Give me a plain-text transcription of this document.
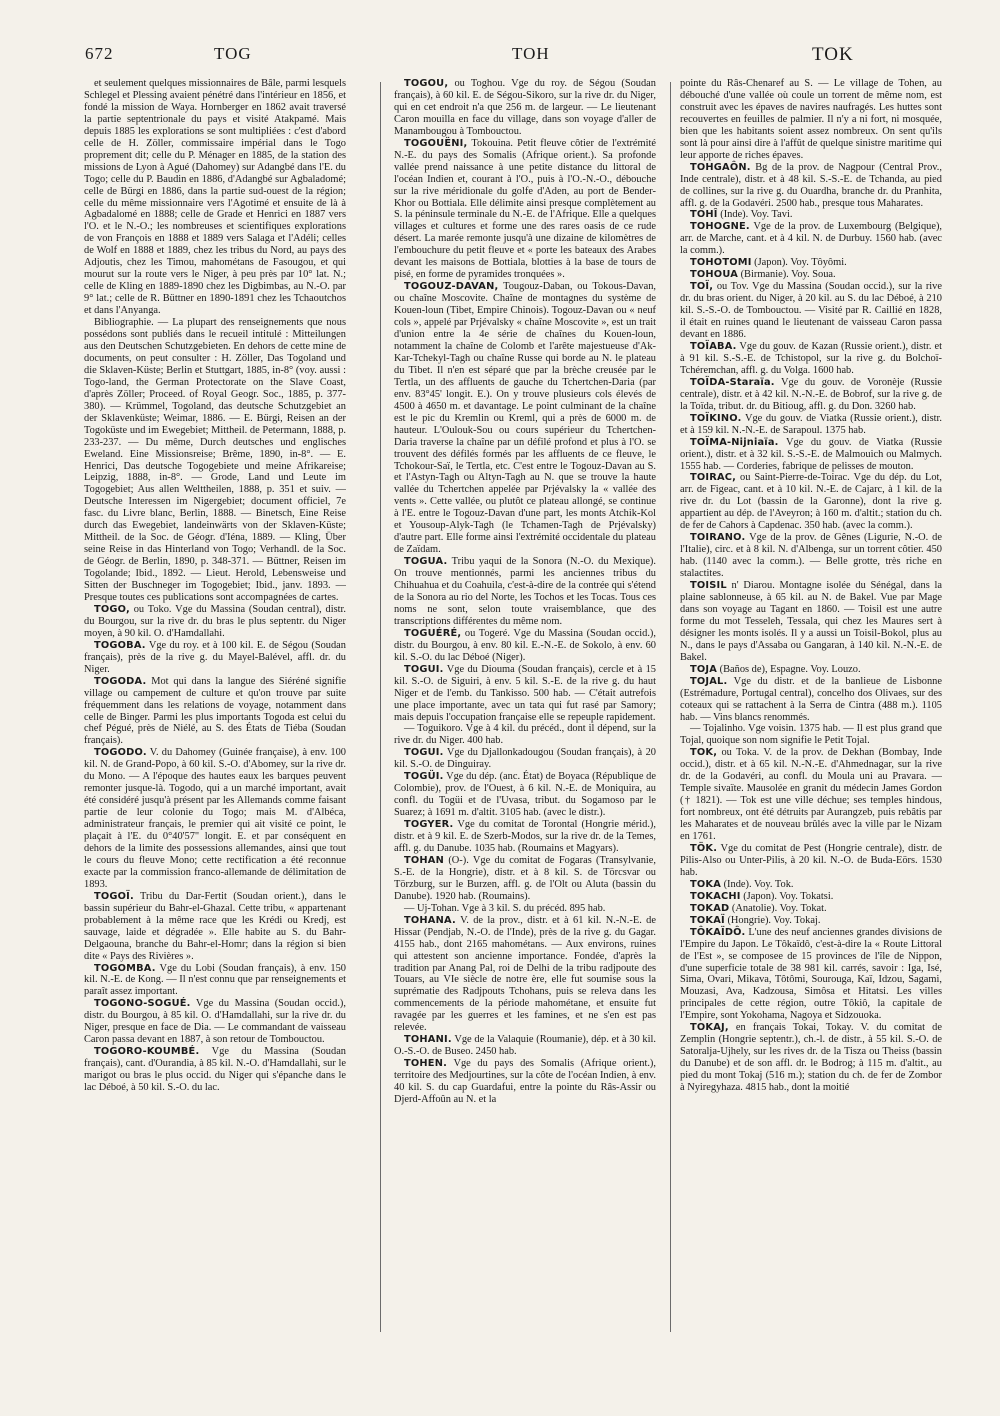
672	TOG	TOH	TOK

et seulement quelques missionnaires de Bâle, parmi lesquels Schlegel et Plessing avaient pénétré dans l'intérieur en 1856, et fondé la mission de Waya. Hornberger en 1862 avait traversé la partie septentrionale du pays et visité Atakpamé. Mais depuis 1885 les explorations se sont multipliées : c'est d'abord celle de H. Zöller, commissaire impérial dans le Togo proprement dit; celle du P. Ménager en 1885, de la station des missions de Lyon à Agué (Dahomey) sur Adangbé dans l'E. du Togo; celle du P. Baudin en 1886, d'Adangbé sur Agbaladomé; celle de Bürgi en 1886, dans la partie sud-ouest de la région; celle du même missionnaire vers l'Agotimé et ensuite de là à Agbadalomé en 1888; celle de Grade et Henrici en 1887 vers l'O. et le N.-O.; les nombreuses et scientifiques explorations de von François en 1888 et 1889 vers Salaga et l'Adéli; celles de Wolf en 1888 et 1889, chez les tribus du Nord, au pays des Adjoutis, chez les Timou, mahométans de Fasougou, et qui mourut sur la route vers le Niger, à peu près par 10° lat. N.; celle de Kling en 1889-1890 chez les Digbimbas, au N.-O. par 9° lat.; celle de R. Büttner en 1890-1891 chez les Tchaoutchos et dans l'Anyanga.

Bibliographie. — La plupart des renseignements que nous possédons sont publiés dans le recueil intitulé : Mitteilungen aus den Deutschen Schutzgebieten. En dehors de cette mine de documents, on peut consulter : H. Zöller, Das Togoland und die Sklaven-Küste; Berlin et Stuttgart, 1885, in-8° (voy. aussi : Togo-land, the German Protectorate on the Slave Coast, d'après Zöller; Proceed. of Royal Geogr. Soc., 1885, p. 377-380). — Krümmel, Togoland, das deutsche Schutzgebiet an der Sklavenküste; Weimar, 1886. — E. Bürgi, Reisen an der Togoküste und im Ewegebiet; Mittheil. de Petermann, 1888, p. 233-237. — Du même, Durch deutsches und englisches Eweland. Eine Missionsreise; Brême, 1890, in-8°. — E. Henrici, Das deutsche Togogebiete und meine Afrikareise; Leipzig, 1888, in-8°. — Grode, Land und Leute im Togogebiet; Aus allen Welttheilen, 1888, p. 351 et suiv. — Deutsche Interessen im Nigergebiet; document officiel, 7e fasc. du Livre blanc, Berlin, 1888. — Binetsch, Eine Reise durch das Ewegebiet, landeinwärts von der Sklaven-Küste; Mittheil. de la Soc. de Géogr. d'Iéna, 1889. — Kling, Über seine Reise in das Hinterland von Togo; Verhandl. de la Soc. de Géogr. de Berlin, 1890, p. 348-371. — Büttner, Reisen im Togolande; Ibid., 1892. — Lieut. Herold, Lebensweise und Sitten der Buschneger im Togogebiet; Ibid., janv. 1893. — Presque toutes ces publications sont accompagnées de cartes.

TOGO, ou Toko. Vge du Massina (Soudan central), distr. du Bourgou, sur la rive dr. du bras le plus septentr. du Niger moyen, à 90 kil. O. d'Hamdallahi.

TOGOBA. Vge du roy. et à 100 kil. E. de Ségou (Soudan français), près de la rive g. du Mayel-Balével, affl. dr. du Niger.

TOGODA. Mot qui dans la langue des Siéréné signifie village ou campement de culture et qu'on trouve par suite fréquemment dans les relations de voyage, notamment dans celle de Binger. Parmi les plus importants Togoda est celui du chef Pégué, près de Niélé, au S. des États de Tiéba (Soudan français).

TOGODO. V. du Dahomey (Guinée française), à env. 100 kil. N. de Grand-Popo, à 60 kil. S.-O. d'Abomey, sur la rive dr. du Mono. — A l'époque des hautes eaux les barques peuvent remonter jusque-là. Togodo, qui a un marché important, avait été considéré jusqu'à présent par les Allemands comme faisant partie de leur colonie du Togo; mais M. d'Albéca, administrateur français, le premier qui ait visité ce point, le plaçait à l'E. du 0°40'57" longit. E. et par conséquent en dehors de la limite des possessions allemandes, ainsi que tout le cours du fleuve Mono; cette rectification a été reconnue exacte par la commission franco-allemande de délimitation de 1893.

TOGOÏ. Tribu du Dar-Fertit (Soudan orient.), dans le bassin supérieur du Bahr-el-Ghazal. Cette tribu, « appartenant probablement à la même race que les Krédi ou Kredj, est sauvage, laide et dégradée ». Elle habite au S. du Bahr-Delgaouna, branche du Bahr-el-Homr; dans la région si bien dite « Pays des Rivières ».

TOGOMBA. Vge du Lobi (Soudan français), à env. 150 kil. N.-E. de Kong. — Il n'est connu que par renseignements et paraît assez important.

TOGONO-SOGUÉ. Vge du Massina (Soudan occid.), distr. du Bourgou, à 85 kil. O. d'Hamdallahi, sur la rive dr. du Niger, presque en face de Dia. — Le commandant de vaisseau Caron passa devant en 1887, à son retour de Tombouctou.

TOGORO-KOUMBÉ. Vge du Massina (Soudan français), cant. d'Ourandia, à 85 kil. N.-O. d'Hamdallahi, sur le marigot ou bras le plus occid. du Niger qui s'épanche dans le lac Déboé, à 50 kil. S.-O. du lac.

TOGOU, ou Toghou. Vge du roy. de Ségou (Soudan français), à 60 kil. E. de Ségou-Sikoro, sur la rive dr. du Niger, qui en cet endroit n'a que 256 m. de largeur. — Le lieutenant Caron mouilla en face du village, dans son voyage d'aller de Manambougou à Tombouctou.

TOGOUËNI, Tokouina. Petit fleuve côtier de l'extrémité N.-E. du pays des Somalis (Afrique orient.). Sa profonde vallée prend naissance à une petite distance du littoral de l'océan Indien et, courant à l'O., puis à l'O.-N.-O., débouche sur la rive méridionale du golfe d'Aden, au port de Bender-Khor ou Bottiala. Elle délimite ainsi presque complètement au S. la péninsule terminale du N.-E. de l'Afrique. Elle a quelques villages et cultures et forme une des rares oasis de ce rude désert. La marée remonte jusqu'à une dizaine de kilomètres de l'embouchure du petit fleuve et « porte les bateaux des Arabes devant les maisons de Bottiala, blotties à la base de tours de pisé, en forme de pyramides tronquées ».

TOGOUZ-DAVAN, Tougouz-Daban, ou Tokous-Davan, ou chaîne Moscovite. Chaîne de montagnes du système de Kouen-loun (Tibet, Empire Chinois). Togouz-Davan ou « neuf cols », appelé par Prjévalsky « chaîne Moscovite », est un trait d'union entre la 4e série de chaînes du Kouen-loun, notamment la chaîne de Colomb et l'arête majestueuse d'Ak-Kar-Tchekyl-Tagh ou chaîne Russe qui borde au N. le plateau du Tibet. Il n'en est séparé que par la brèche creusée par le Tertla, un des affluents de gauche du Tchertchen-Daria (par env. 83°45' longit. E.). On y trouve plusieurs cols élevés de 4500 à 4650 m. et davantage. Le point culminant de la chaîne est le pic du Kremlin ou Kreml, qui a près de 6000 m. de hauteur. L'Oulouk-Sou ou cours supérieur du Tchertchen-Daria traverse la chaîne par un défilé profond et plus à l'O. se trouvent des défilés formés par les affluents de ce fleuve, le Tchokour-Saï, le Tertla, etc. C'est entre le Togouz-Davan au S. et l'Astyn-Tagh ou Altyn-Tagh au N. que se trouve la haute vallée du Tchertchen appelée par Prjévalsky la « vallée des vents ». Cette vallée, ou plutôt ce plateau allongé, se continue à l'E. entre le Togouz-Davan d'une part, les monts Atchik-Kol et Yousoup-Alyk-Tagh (le Tchamen-Tagh de Prjévalsky) d'autre part. Elle forme ainsi l'extrémité occidentale du plateau de Zaïdam.

TOGUA. Tribu yaqui de la Sonora (N.-O. du Mexique). On trouve mentionnés, parmi les anciennes tribus du Chihuahua et du Coahuila, c'est-à-dire de la contrée qui s'étend de la Sonora au rio del Norte, les Tochos et les Tocas. Tous ces noms ne sont, selon toute vraisemblance, que des transcriptions différentes du même nom.

TOGUÉRÉ, ou Togeré. Vge du Massina (Soudan occid.), distr. du Bourgou, à env. 80 kil. E.-N.-E. de Sokolo, à env. 60 kil. S.-O. du lac Déboé (Niger).

TOGUI. Vge du Diouma (Soudan français), cercle et à 15 kil. S.-O. de Siguiri, à env. 5 kil. S.-E. de la rive g. du haut Niger et de l'emb. du Tankisso. 500 hab. — C'était autrefois une place importante, avec un tata qui fut rasé par Samory; mais depuis l'occupation française elle se repeuple rapidement.

— Toguikoro. Vge à 4 kil. du précéd., dont il dépend, sur la rive dr. du Niger. 400 hab.

TOGUI. Vge du Djallonkadougou (Soudan français), à 20 kil. S.-O. de Dinguiray.

TOGÜI. Vge du dép. (anc. État) de Boyaca (République de Colombie), prov. de l'Ouest, à 6 kil. N.-E. de Moniquira, au confl. du Togüi et de l'Uvasa, tribut. du Sogamoso par le Suarez; à 1691 m. d'altit. 3105 hab. (avec le distr.).

TOGYER. Vge du comitat de Torontal (Hongrie mérid.), distr. et à 9 kil. E. de Szerb-Modos, sur la rive dr. de la Temes, affl. g. du Danube. 1035 hab. (Roumains et Magyars).

TOHAN (O-). Vge du comitat de Fogaras (Transylvanie, S.-E. de la Hongrie), distr. et à 8 kil. S. de Törcsvar ou Törzburg, sur le Burzen, affl. g. de l'Olt ou Aluta (bassin du Danube). 1920 hab. (Roumains).

— Uj-Tohan. Vge à 3 kil. S. du précéd. 895 hab.

TOHANA. V. de la prov., distr. et à 61 kil. N.-N.-E. de Hissar (Pendjab, N.-O. de l'Inde), près de la rive g. du Gagar. 4155 hab., dont 2165 mahométans. — Aux environs, ruines qui attestent son ancienne importance. Fondée, d'après la tradition par Anang Pal, roi de Delhi de la tribu radjpoute des Touars, au VIe siècle de notre ère, elle fut soumise sous la suprématie des Radjpouts Tchohans, puis se releva dans les commencements de la période mahométane, et ensuite fut ravagée par les guerres et les famines, et ne s'en est pas relevée.

TOHANI. Vge de la Valaquie (Roumanie), dép. et à 30 kil. O.-S.-O. de Buseo. 2450 hab.

TOHEN. Vge du pays des Somalis (Afrique orient.), territoire des Medjourtines, sur la côte de l'océan Indien, à env. 40 kil. S. du cap Guardafui, entre la pointe du Râs-Assir ou Djerd-Affoûn au N. et la

pointe du Râs-Chenaref au S. — Le village de Tohen, au débouché d'une vallée où coule un torrent de même nom, est construit avec les épaves de navires naufragés. Les huttes sont recouvertes en feuilles de palmier. Il n'y a ni fort, ni mosquée, bien que les habitants soient assez nombreux. On sent qu'ils sont là pour ainsi dire à l'affût de quelque sinistre maritime qui leur apporte de riches épaves.

TOHGAÔN. Bg de la prov. de Nagpour (Central Prov., Inde centrale), distr. et à 48 kil. S.-S.-E. de Tchanda, au pied de collines, sur la rive g. du Ouardha, branche dr. du Pranhita, affl. g. de la Godavéri. 2500 hab., presque tous Maharates.

TOHÎ (Inde). Voy. Tavi.

TOHOGNE. Vge de la prov. de Luxembourg (Belgique), arr. de Marche, cant. et à 4 kil. N. de Durbuy. 1560 hab. (avec la comm.).

TOHOTOMI (Japon). Voy. Tôyômi.

TOHOUA (Birmanie). Voy. Soua.

TOÏ, ou Tov. Vge du Massina (Soudan occid.), sur la rive dr. du bras orient. du Niger, à 20 kil. au S. du lac Déboé, à 210 kil. S.-S.-O. de Tombouctou. — Visité par R. Caillié en 1828, il était en ruines quand le lieutenant de vaisseau Caron passa devant en 1886.

TOÏABA. Vge du gouv. de Kazan (Russie orient.), distr. et à 91 kil. S.-S.-E. de Tchistopol, sur la rive g. du Bolchoï-Tchéremchan, affl. g. du Volga. 1600 hab.

TOÏDA-Staraïa. Vge du gouv. de Voronèje (Russie centrale), distr. et à 42 kil. N.-N.-E. de Bobrof, sur la rive g. de la Toïda, tribut. dr. du Bitioug, affl. g. du Don. 3260 hab.

TOÏKINO. Vge du gouv. de Viatka (Russie orient.), distr. et à 159 kil. N.-N.-E. de Sarapoul. 1375 hab.

TOÏMA-Nijniaïa. Vge du gouv. de Viatka (Russie orient.), distr. et à 32 kil. S.-S.-E. de Malmouich ou Malmych. 1555 hab. — Corderies, fabrique de pelisses de mouton.

TOIRAC, ou Saint-Pierre-de-Toirac. Vge du dép. du Lot, arr. de Figeac, cant. et à 10 kil. N.-E. de Cajarc, à 1 kil. de la rive dr. du Lot (bassin de la Garonne), dont la rive g. appartient au dép. de l'Aveyron; à 160 m. d'altit.; station du ch. de fer de Cahors à Capdenac. 350 hab. (avec la comm.).

TOIRANO. Vge de la prov. de Gênes (Ligurie, N.-O. de l'Italie), circ. et à 8 kil. N. d'Albenga, sur un torrent côtier. 450 hab. (1140 avec la comm.). — Belle grotte, très riche en stalactites.

TOISIL n' Diarou. Montagne isolée du Sénégal, dans la plaine sablonneuse, à 65 kil. au N. de Bakel. Vue par Mage dans son voyage au Tagant en 1860. — Toisil est une autre forme du mot Tesseleh, Tessala, qui chez les Maures sert à désigner les monts isolés. Il y a aussi un Toisil-Bokol, plus au N., dans le pays d'Assaba ou Gangaran, à 140 kil. N.-N.-E. de Bakel.

TOJA (Baños de), Espagne. Voy. Louzo.

TOJAL. Vge du distr. et de la banlieue de Lisbonne (Estrémadure, Portugal central), concelho dos Olivaes, sur des coteaux qui se rattachent à la Serra de Cintra (488 m.). 1105 hab. — Vins blancs renommés.

— Tojalinho. Vge voisin. 1375 hab. — Il est plus grand que Tojal, quoique son nom signifie le Petit Tojal.

TOK, ou Toka. V. de la prov. de Dekhan (Bombay, Inde occid.), distr. et à 65 kil. N.-N.-E. d'Ahmednagar, sur la rive dr. de la Godavéri, au confl. du Moula uni au Pravara. — Temple sivaïte. Mausolée en granit du médecin James Gordon († 1821). — Tok est une ville déchue; ses temples hindous, fort nombreux, ont été détruits par Aurangzeb, puis rebâtis par les Maharates et de nouveau brûlés avec la ville par le Nizam en 1761.

TÖK. Vge du comitat de Pest (Hongrie centrale), distr. de Pilis-Also ou Unter-Pilis, à 20 kil. N.-O. de Buda-Eörs. 1530 hab.

TOKA (Inde). Voy. Tok.

TOKACHI (Japon). Voy. Tokatsi.

TOKAD (Anatolie). Voy. Tokat.

TOKAÏ (Hongrie). Voy. Tokaj.

TÔKAÏDÔ. L'une des neuf anciennes grandes divisions de l'Empire du Japon. Le Tôkaïdô, c'est-à-dire la « Route Littoral de l'Est », se composee de 15 provinces de l'île de Nippon, d'une superficie totale de 38 981 kil. carrés, savoir : Iga, Isé, Sima, Ovari, Mikava, Tôtômi, Sourouga, Kaï, Idzou, Sagami, Mouzasi, Ava, Kadzousa, Simôsa et Hitatsi. Les villes principales de cette région, outre Tôkiô, la capitale de l'Empire, sont Yokohama, Nagoya et Sidzouoka.

TOKAJ, en français Tokai, Tokay. V. du comitat de Zemplin (Hongrie septentr.), ch.-l. de distr., à 55 kil. S.-O. de Satoralja-Ujhely, sur les rives dr. de la Tisza ou Theiss (bassin du Danube) et de son affl. dr. le Bodrog; à 115 m. d'altit., au pied du mont Tokaj (516 m.); station du ch. de fer de Zombor à Nyiregyhaza. 4815 hab., dont la moitié
